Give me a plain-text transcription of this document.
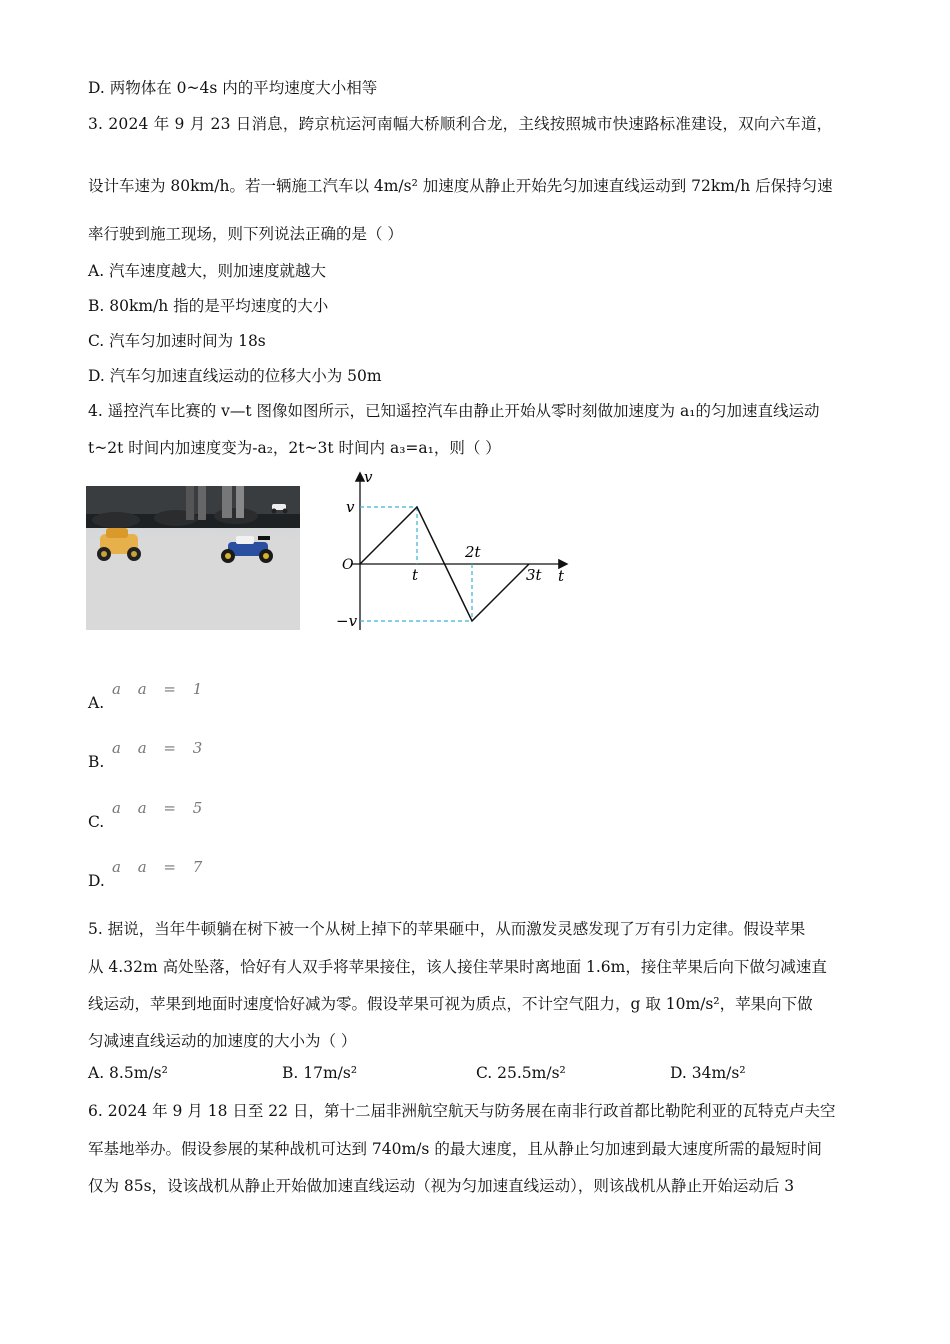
D. 两物体在 0~4s 内的平均速度大小相等
3. 2024 年 9 月 23 日消息，跨京杭运河南幅大桥顺利合龙，主线按照城市快速路标准建设，双向六车道，
设计车速为 80km/h。若一辆施工汽车以 4m/s² 加速度从静止开始先匀加速直线运动到 72km/h 后保持匀速
率行驶到施工现场，则下列说法正确的是（ ）
A. 汽车速度越大，则加速度就越大
B. 80km/h 指的是平均速度的大小
C. 汽车匀加速时间为 18s
D. 汽车匀加速直线运动的位移大小为 50m
4. 遥控汽车比赛的 v—t 图像如图所示，已知遥控汽车由静止开始从零时刻做加速度为 a₁的匀加速直线运动
t~2t 时间内加速度变为-a₂，2t~3t 时间内 a₃=a₁，则（ ）
v
t
O
v
−v
t
2t
3t
A.
a a = 1
B.
a a = 3
C.
a a = 5
D.
a a = 7
5. 据说，当年牛顿躺在树下被一个从树上掉下的苹果砸中，从而激发灵感发现了万有引力定律。假设苹果
从 4.32m 高处坠落，恰好有人双手将苹果接住，该人接住苹果时离地面 1.6m，接住苹果后向下做匀减速直
线运动，苹果到地面时速度恰好减为零。假设苹果可视为质点，不计空气阻力，g 取 10m/s²，苹果向下做
匀减速直线运动的加速度的大小为（ ）
A. 8.5m/s²	B. 17m/s²	C. 25.5m/s²	D. 34m/s²
6. 2024 年 9 月 18 日至 22 日，第十二届非洲航空航天与防务展在南非行政首都比勒陀利亚的瓦特克卢夫空
军基地举办。假设参展的某种战机可达到 740m/s 的最大速度，且从静止匀加速到最大速度所需的最短时间
仅为 85s，设该战机从静止开始做加速直线运动（视为匀加速直线运动），则该战机从静止开始运动后 3
